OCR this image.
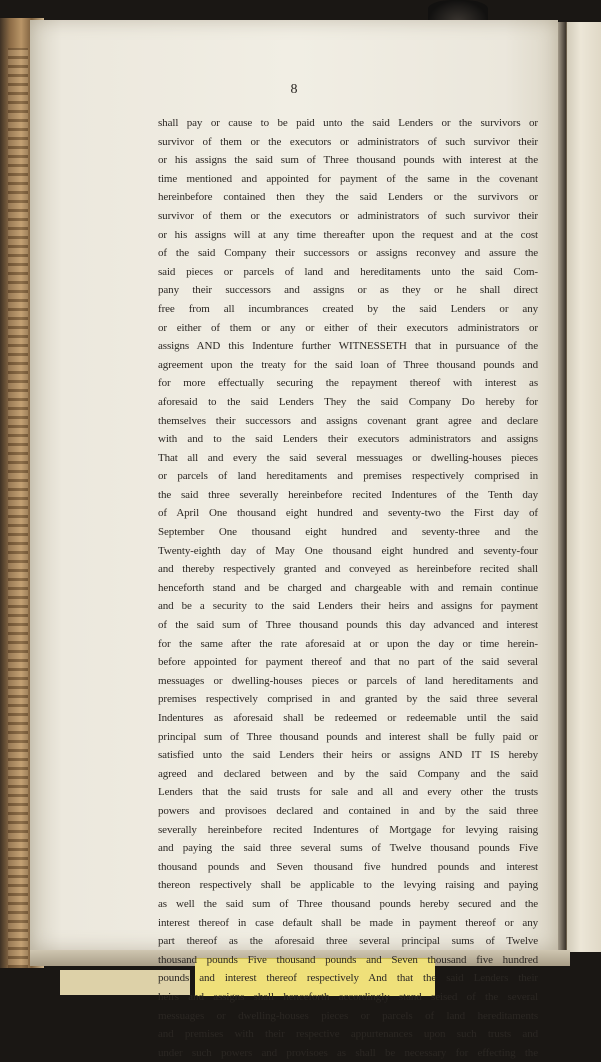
8
shall pay or cause to be paid unto the said Lenders or the survivors or
survivor of them or the executors or administrators of such survivor their
or his assigns the said sum of Three thousand pounds with interest at the
time mentioned and appointed for payment of the same in the covenant
hereinbefore contained then they the said Lenders or the survivors or
survivor of them or the executors or administrators of such survivor their
or his assigns will at any time thereafter upon the request and at the cost
of the said Company their successors or assigns reconvey and assure the
said pieces or parcels of land and hereditaments unto the said Com-
pany their successors and assigns or as they or he shall direct
free from all incumbrances created by the said Lenders or any
or either of them or any or either of their executors administrators or
assigns AND this Indenture further WITNESSETH that in pursuance of the
agreement upon the treaty for the said loan of Three thousand pounds and
for more effectually securing the repayment thereof with interest as
aforesaid to the said Lenders They the said Company Do hereby for
themselves their successors and assigns covenant grant agree and declare
with and to the said Lenders their executors administrators and assigns
That all and every the said several messuages or dwelling-houses pieces
or parcels of land hereditaments and premises respectively comprised in
the said three severally hereinbefore recited Indentures of the Tenth day
of April One thousand eight hundred and seventy-two the First day of
September One thousand eight hundred and seventy-three and the
Twenty-eighth day of May One thousand eight hundred and seventy-four
and thereby respectively granted and conveyed as hereinbefore recited shall
henceforth stand and be charged and chargeable with and remain continue
and be a security to the said Lenders their heirs and assigns for payment
of the said sum of Three thousand pounds this day advanced and interest
for the same after the rate aforesaid at or upon the day or time herein-
before appointed for payment thereof and that no part of the said several
messuages or dwelling-houses pieces or parcels of land hereditaments and
premises respectively comprised in and granted by the said three several
Indentures as aforesaid shall be redeemed or redeemable until the said
principal sum of Three thousand pounds and interest shall be fully paid or
satisfied unto the said Lenders their heirs or assigns AND IT IS hereby
agreed and declared between and by the said Company and the said
Lenders that the said trusts for sale and all and every other the trusts
powers and provisoes declared and contained in and by the said three
severally hereinbefore recited Indentures of Mortgage for levying raising
and paying the said three several sums of Twelve thousand pounds Five
thousand pounds and Seven thousand five hundred pounds and interest
thereon respectively shall be applicable to the levying raising and paying
as well the said sum of Three thousand pounds hereby secured and the
interest thereof in case default shall be made in payment thereof or any
part thereof as the aforesaid three several principal sums of Twelve
thousand pounds Five thousand pounds and Seven thousand five hundred
pounds and interest thereof respectively And that the said Lenders their
heirs and assigns shall henceforth accordingly stand seised of the several
messuages or dwelling-houses pieces or parcels of land hereditaments
and premises with their respective appurtenances upon such trusts and
under such powers and provisoes as shall be necessary for effecting the
